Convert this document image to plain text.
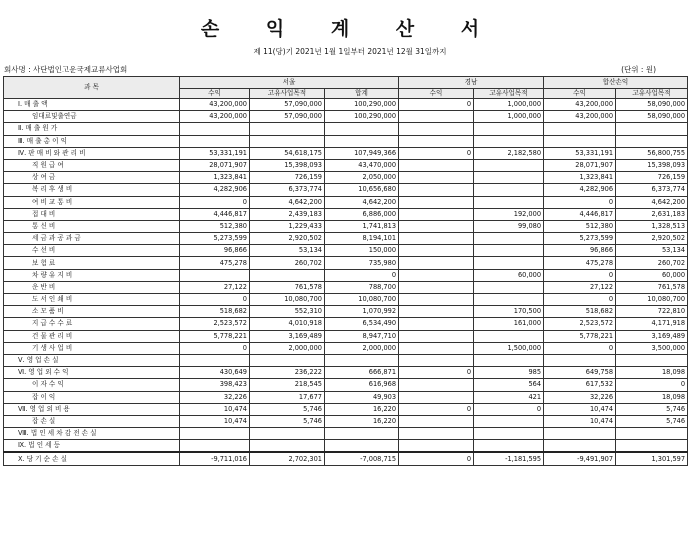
손 익 계 산 서
제 11(당)기 2021년 1월 1일부터 2021년 12월 31일까지
회사명 : 사단법인고운국제교류사업회	(단위 : 원)
과 목	서울			경남		합산손익	
	수익	고유사업목적	합계	수익	고유사업목적	수익	고유사업목적
Ⅰ. 매 출 액	43,200,000	57,090,000	100,290,000	0	1,000,000	43,200,000	58,090,000
임대료및출연금	43,200,000	57,090,000	100,290,000		1,000,000	43,200,000	58,090,000
Ⅱ. 매 출 원 가							
Ⅲ. 매 출 총 이 익							
Ⅳ. 판 매 비 와 관 리 비	53,331,191	54,618,175	107,949,366	0	2,182,580	53,331,191	56,800,755
직 원 급 여	28,071,907	15,398,093	43,470,000			28,071,907	15,398,093
상 여 금	1,323,841	726,159	2,050,000			1,323,841	726,159
복 리 후 생 비	4,282,906	6,373,774	10,656,680			4,282,906	6,373,774
여 비 교 통 비	0	4,642,200	4,642,200			0	4,642,200
접 대 비	4,446,817	2,439,183	6,886,000		192,000	4,446,817	2,631,183
통 신 비	512,380	1,229,433	1,741,813		99,080	512,380	1,328,513
세 금 과 공 과 금	5,273,599	2,920,502	8,194,101			5,273,599	2,920,502
수 선 비	96,866	53,134	150,000			96,866	53,134
보 험 료	475,278	260,702	735,980			475,278	260,702
차 량 유 지 비			0		60,000	0	60,000
운 반 비	27,122	761,578	788,700			27,122	761,578
도 서 인 쇄 비	0	10,080,700	10,080,700			0	10,080,700
소 모 품 비	518,682	552,310	1,070,992		170,500	518,682	722,810
지 급 수 수 료	2,523,572	4,010,918	6,534,490		161,000	2,523,572	4,171,918
건 물 관 리 비	5,778,221	3,169,489	8,947,710			5,778,221	3,169,489
기 생 사 업 비	0	2,000,000	2,000,000		1,500,000	0	3,500,000
Ⅴ. 영 업 손 실							
Ⅵ. 영 업 외 수 익	430,649	236,222	666,871	0	985	649,758	18,098
이 자 수 익	398,423	218,545	616,968		564	617,532	0
잡 이 익	32,226	17,677	49,903		421	32,226	18,098
Ⅶ. 영 업 외 비 용	10,474	5,746	16,220	0	0	10,474	5,746
잡 손 실	10,474	5,746	16,220			10,474	5,746
Ⅷ. 법 인 세 차 감 전 손 실							
Ⅸ. 법 인 세 등							
Ⅹ. 당 기 순 손 실	-9,711,016	2,702,301	-7,008,715	0	-1,181,595	-9,491,907	1,301,597
